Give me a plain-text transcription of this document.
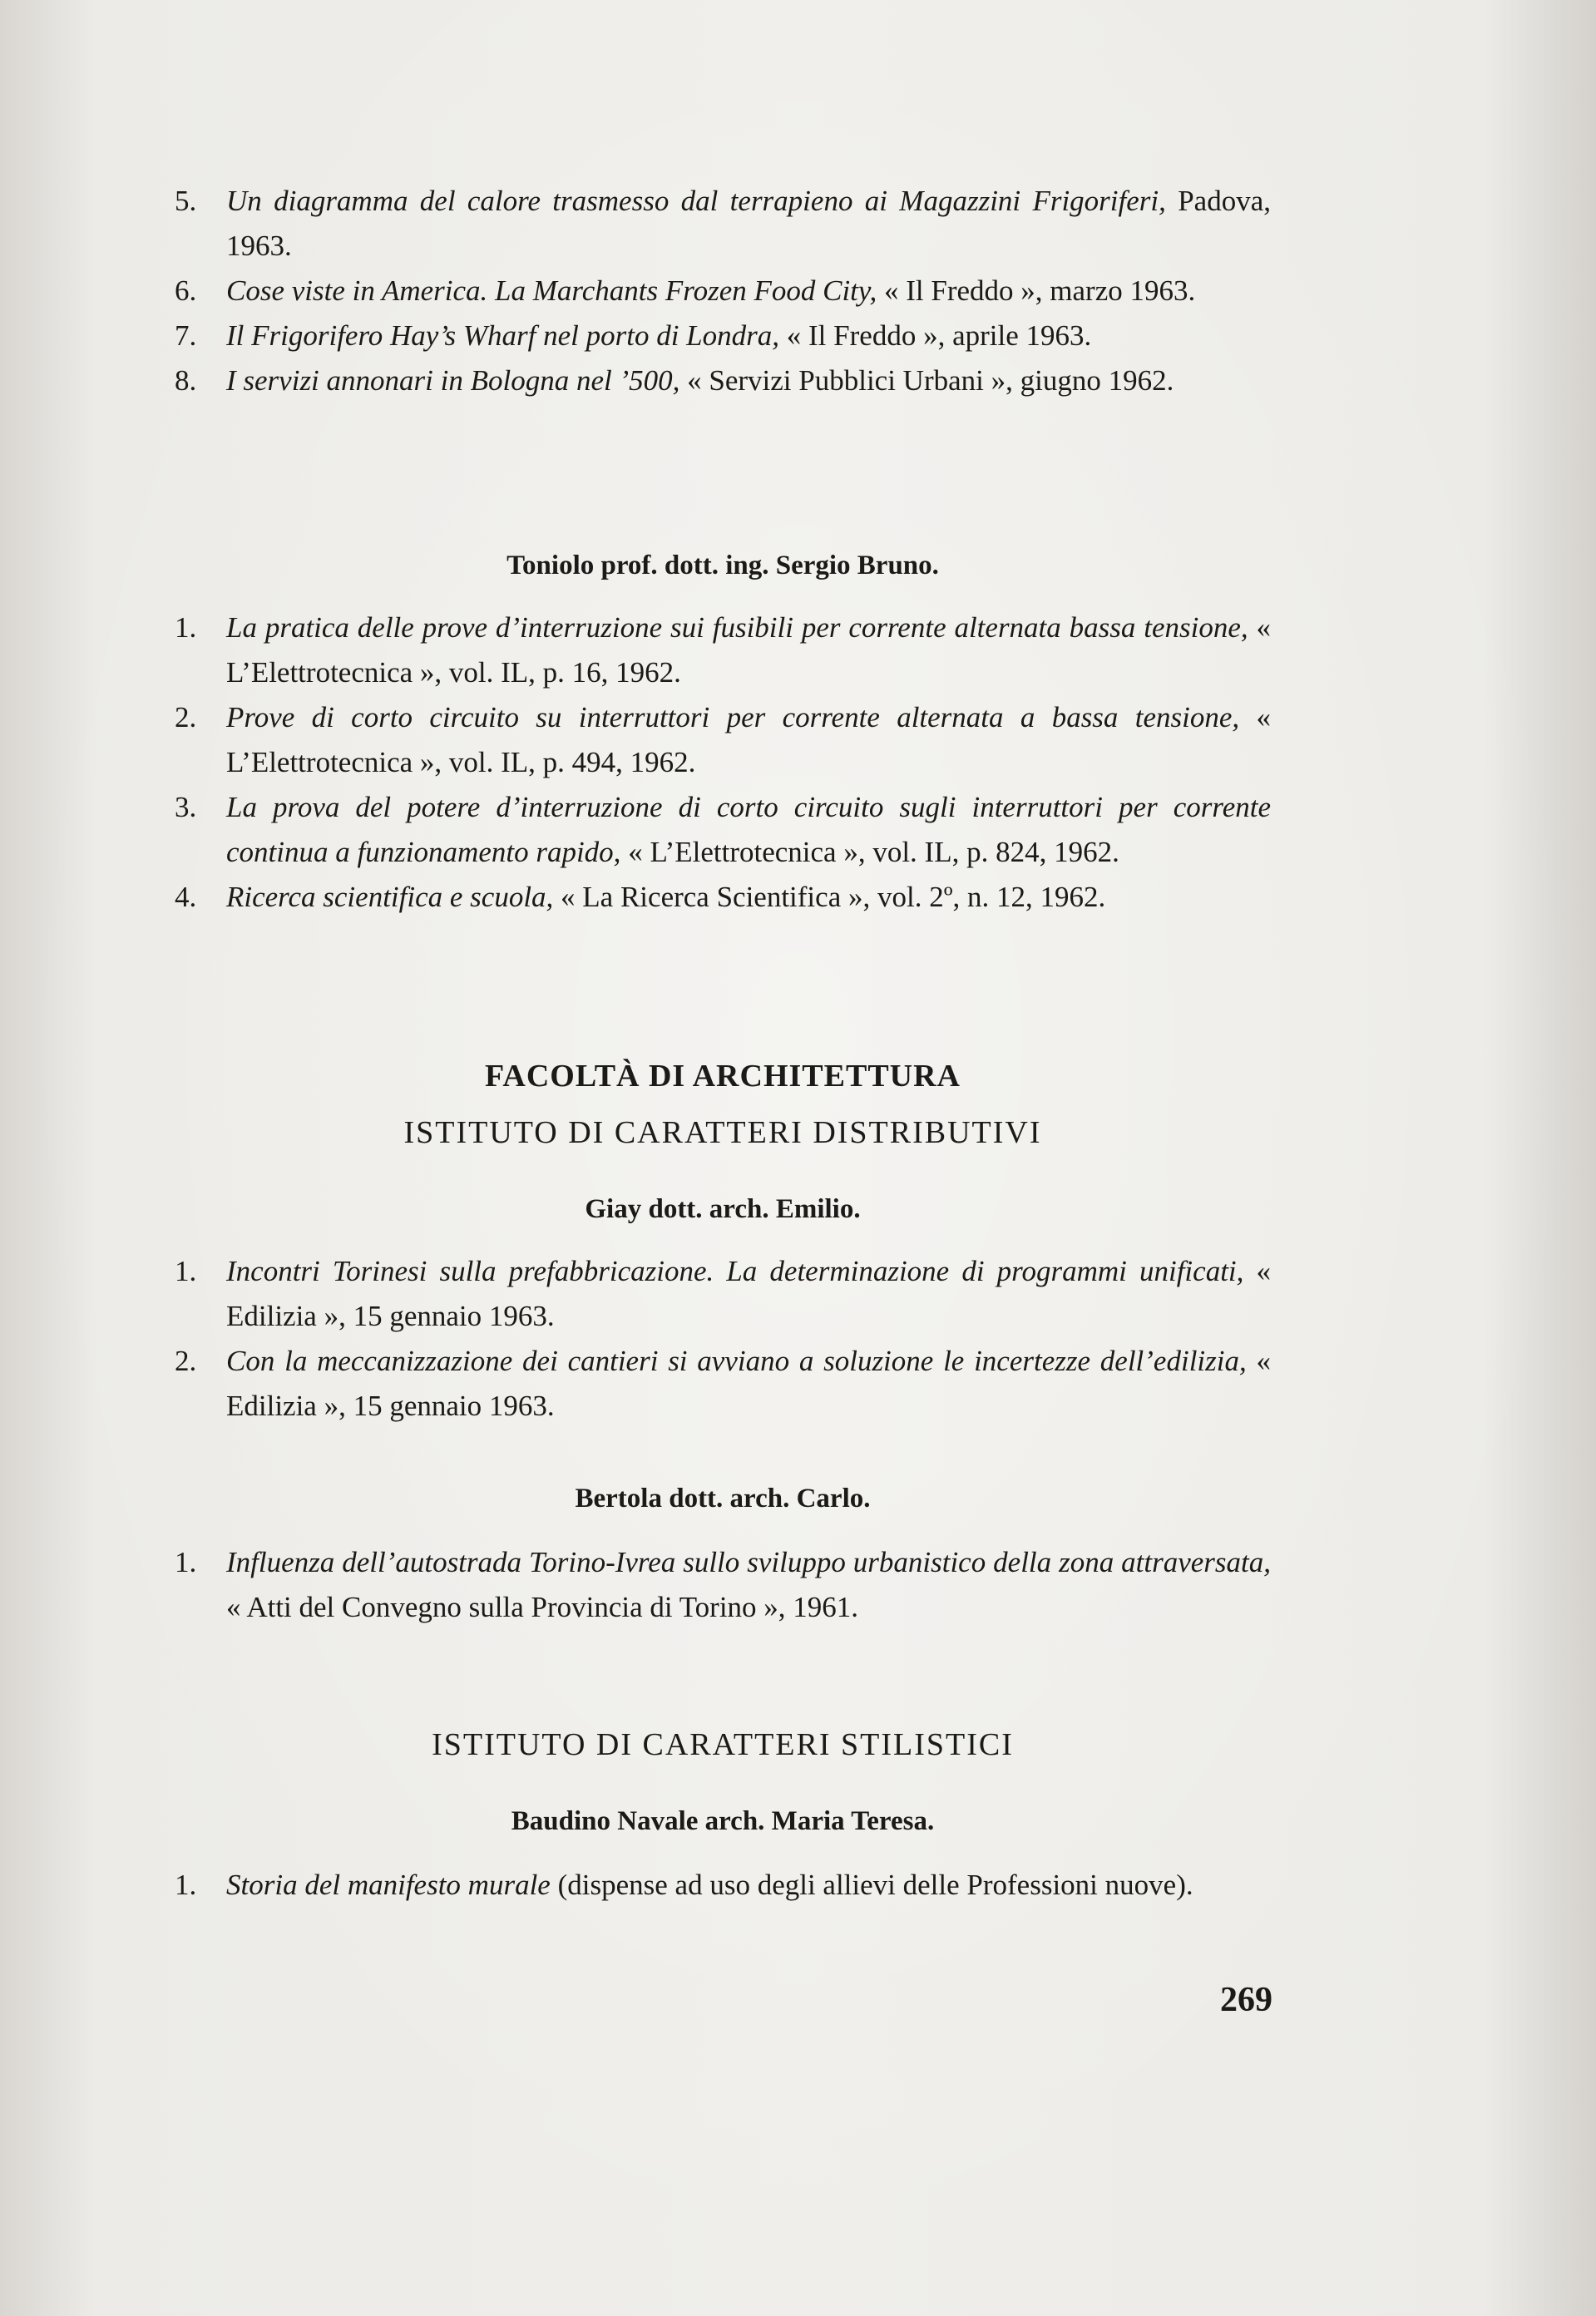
5. Un diagramma del calore trasmesso dal terrapieno ai Magazzini Frigoriferi, Padova, 1963.

6. Cose viste in America. La Marchants Frozen Food City, « Il Freddo », marzo 1963.

7. Il Frigorifero Hay’s Wharf nel porto di Londra, « Il Freddo », aprile 1963.

8. I servizi annonari in Bologna nel ’500, « Servizi Pubblici Urbani », giugno 1962.

Toniolo prof. dott. ing. Sergio Bruno.

1. La pratica delle prove d’interruzione sui fusibili per corrente alternata bassa tensione, « L’Elettrotecnica », vol. IL, p. 16, 1962.

2. Prove di corto circuito su interruttori per corrente alternata a bassa tensione, « L’Elettrotecnica », vol. IL, p. 494, 1962.

3. La prova del potere d’interruzione di corto circuito sugli interruttori per corrente continua a funzionamento rapido, « L’Elettrotecnica », vol. IL, p. 824, 1962.

4. Ricerca scientifica e scuola, « La Ricerca Scientifica », vol. 2º, n. 12, 1962.

FACOLTÀ DI ARCHITETTURA

ISTITUTO DI CARATTERI DISTRIBUTIVI

Giay dott. arch. Emilio.

1. Incontri Torinesi sulla prefabbricazione. La determinazione di programmi unificati, « Edilizia », 15 gennaio 1963.

2. Con la meccanizzazione dei cantieri si avviano a soluzione le incertezze dell’edilizia, « Edilizia », 15 gennaio 1963.

Bertola dott. arch. Carlo.

1. Influenza dell’autostrada Torino-Ivrea sullo sviluppo urbanistico della zona attraversata, « Atti del Convegno sulla Provincia di Torino », 1961.

ISTITUTO DI CARATTERI STILISTICI

Baudino Navale arch. Maria Teresa.

1. Storia del manifesto murale (dispense ad uso degli allievi delle Professioni nuove).

269
